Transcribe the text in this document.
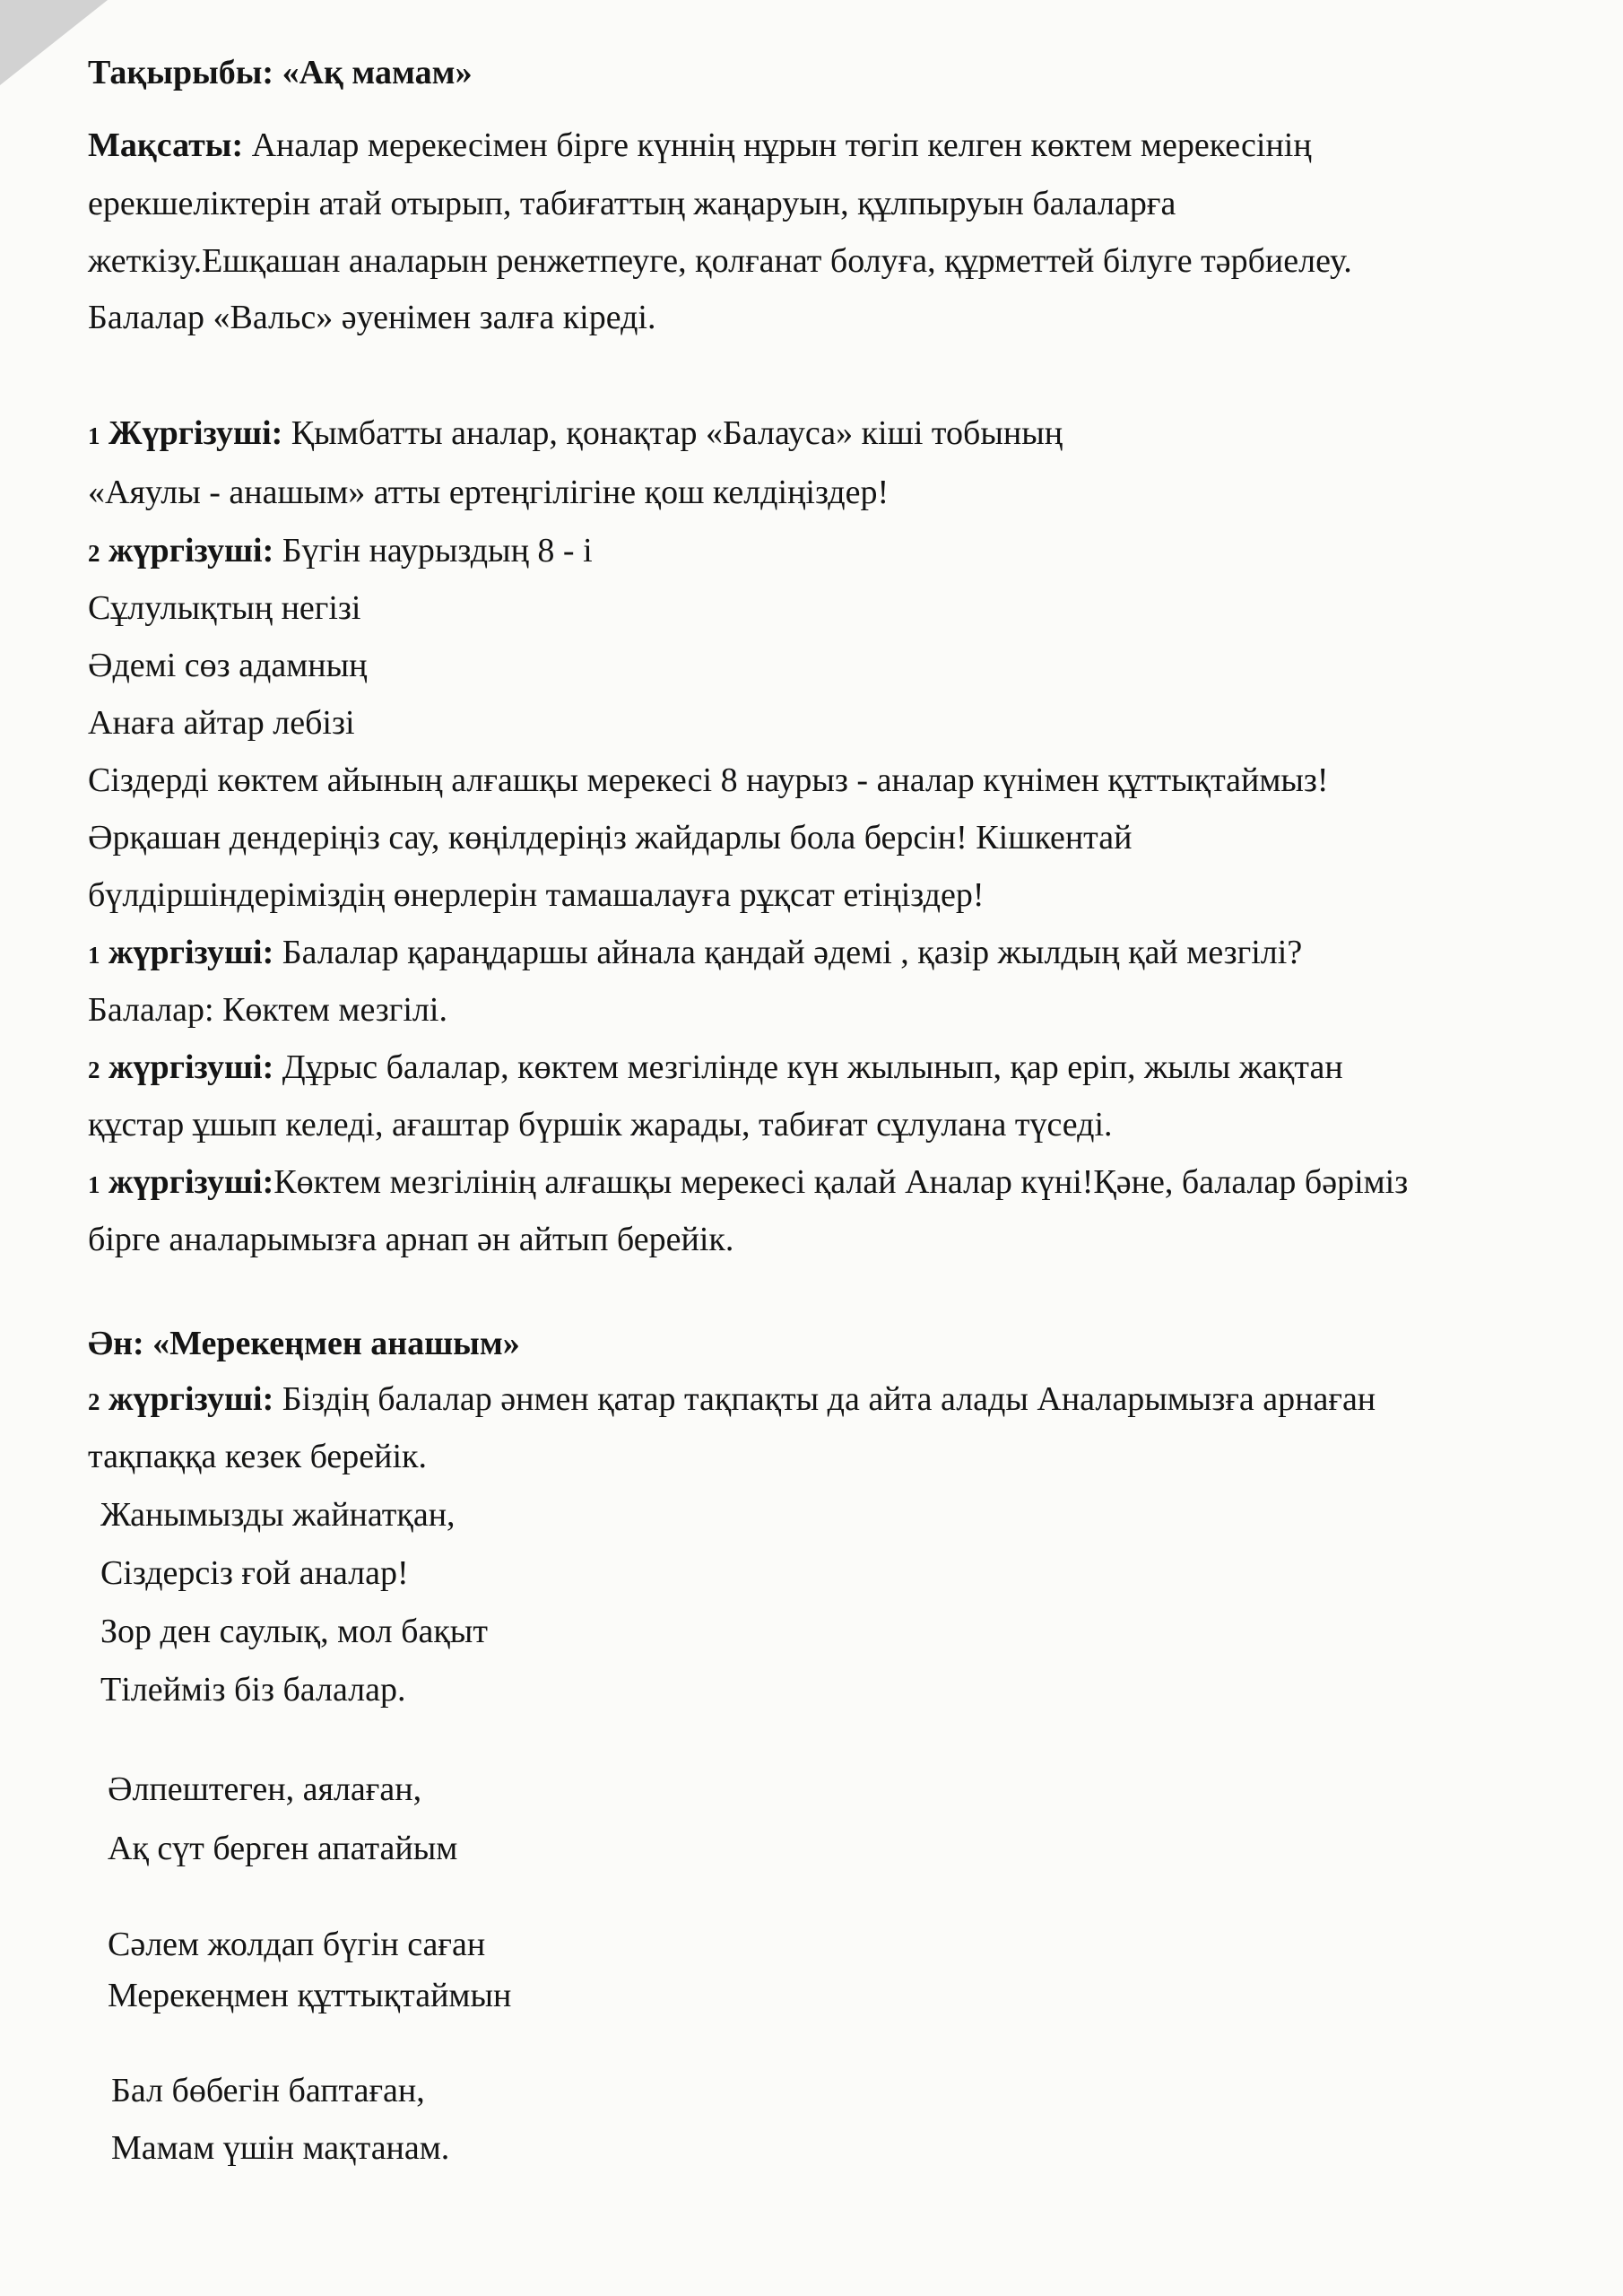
Тақырыбы: «Ақ мамам»
Мақсаты: Аналар мерекесімен бірге күннің нұрын төгіп келген көктем мерекесінің
ерекшеліктерін атай отырып, табиғаттың жаңаруын, құлпыруын балаларға
жеткізу.Ешқашан аналарын ренжетпеуге, қолғанат болуға, құрметтей білуге тәрбиелеу.
Балалар «Вальс» әуенімен залға кіреді.
1 Жүргізуші: Қымбатты аналар, қонақтар «Балауса» кіші тобының
«Аяулы - анашым» атты ертеңгілігіне қош келдіңіздер!
2 жүргізуші: Бүгін наурыздың 8 - і
Сұлулықтың негізі
Әдемі сөз адамның
Анаға айтар лебізі
Сіздерді көктем айының алғашқы мерекесі 8 наурыз - аналар күнімен құттықтаймыз!
Әрқашан дендеріңіз сау, көңілдеріңіз жайдарлы бола берсін! Кішкентай
бүлдіршіндеріміздің өнерлерін тамашалауға рұқсат етіңіздер!
1 жүргізуші: Балалар қараңдаршы айнала қандай әдемі , қазір жылдың қай мезгілі?
Балалар: Көктем мезгілі.
2 жүргізуші: Дұрыс балалар, көктем мезгілінде күн жылынып, қар еріп, жылы жақтан
құстар ұшып келеді, ағаштар бүршік жарады, табиғат сұлулана түседі.
1 жүргізуші:Көктем мезгілінің алғашқы мерекесі қалай Аналар күні!Қәне, балалар бәріміз
бірге аналарымызға арнап ән айтып берейік.
Ән: «Мерекеңмен анашым»
2 жүргізуші: Біздің балалар әнмен қатар тақпақты да айта алады Аналарымызға арнаған
тақпаққа кезек берейік.
Жанымызды жайнатқан,
Сіздерсіз ғой аналар!
Зор ден саулық, мол бақыт
Тілейміз біз балалар.
Әлпештеген, аялаған,
Ақ сүт берген апатайым
Сәлем жолдап бүгін саған
Мерекеңмен құттықтаймын
Бал бөбегін баптаған,
Мамам үшін мақтанам.
